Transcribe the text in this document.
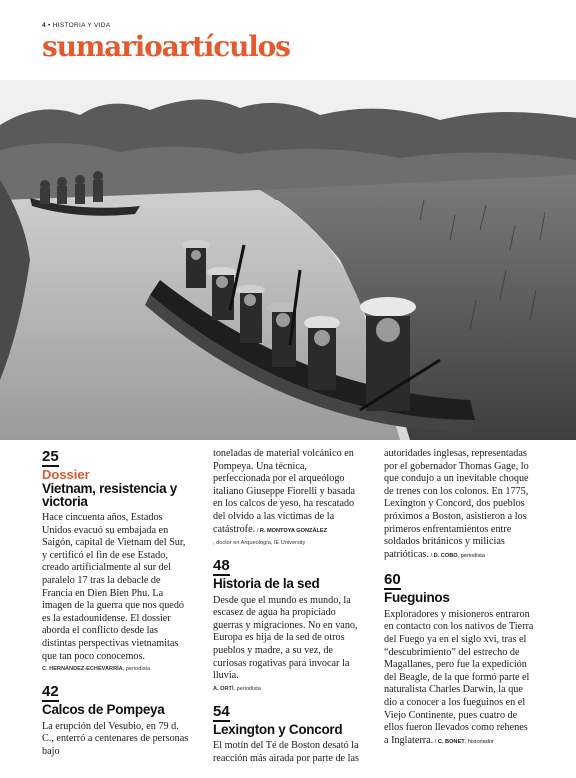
4 • HISTORIA Y VIDA
sumarioartículos
25
Dossier
Vietnam, resistencia y victoria
Hace cincuenta años, Estados Unidos evacuó su embajada en Saigón, capital de Vietnam del Sur, y certificó el fin de ese Estado, creado artificialmente al sur del paralelo 17 tras la debacle de Francia en Dien Bien Phu. La imagen de la guerra que nos quedó es la estadounidense. El dossier aborda el conflicto desde las distintas perspectivas vietnamitas que tan poco conocemos.
C. HERNÁNDEZ-ECHEVARRÍA, periodista
42
Calcos de Pompeya
La erupción del Vesubio, en 79 d. C., enterró a centenares de personas bajo
toneladas de material volcánico en Pompeya. Una técnica, perfeccionada por el arqueólogo italiano Giuseppe Fiorelli y basada en los calcos de yeso, ha rescatado del olvido a las víctimas de la catástrofe. / R. MONTOYA GONZÁLEZ
, doctor en Arqueología, IE University
48
Historia de la sed
Desde que el mundo es mundo, la escasez de agua ha propiciado guerras y migraciones. No en vano, Europa es hija de la sed de otros pueblos y madre, a su vez, de curiosas rogativas para invocar la lluvia.
A. ORTÍ, periodista
54
Lexington y Concord
El motín del Té de Boston desató la reacción más airada por parte de las
autoridades inglesas, representadas por el gobernador Thomas Gage, lo que condujo a un inevitable choque de trenes con los colonos. En 1775, Lexington y Concord, dos pueblos próximos a Boston, asistieron a los primeros enfrentamientos entre soldados británicos y milicias patrióticas. / D. COBO, periodista
60
Fueguinos
Exploradores y misioneros entraron en contacto con los nativos de Tierra del Fuego ya en el siglo xvi, tras el “descubrimiento” del estrecho de Magallanes, pero fue la expedición del Beagle, de la que formó parte el naturalista Charles Darwin, la que dio a conocer a los fueguinos en el Viejo Continente, pues cuatro de ellos fueron llevados como rehenes a Inglaterra. / C. BONET, historiador
